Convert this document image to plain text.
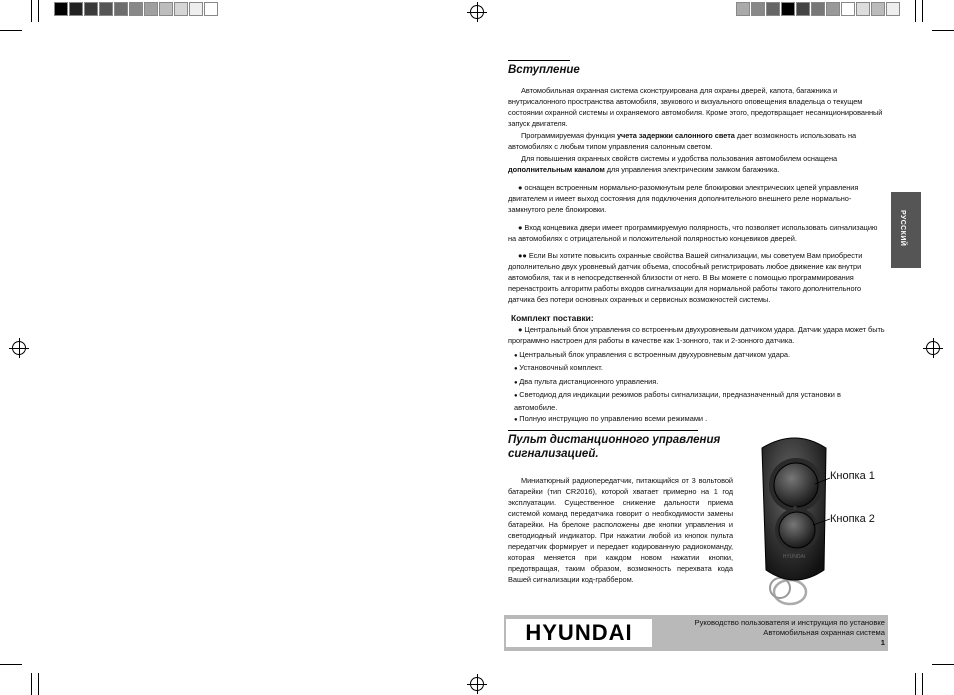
РУССКИЙ
Вступление

Автомобильная охранная система сконструирована для охраны дверей, капота, багажника и внутрисалонного пространства автомобиля, звукового и визуального оповещения владельца о текущем состоянии охранной системы и охраняемого автомобиля. Кроме этого, предотвращает несанкционированный запуск двигателя.

Программируемая функция учета задержки салонного света дает возможность использовать на автомобилях с любым типом управления салонным светом.

Для повышения охранных свойств системы и удобства пользования автомобилем оснащена дополнительным каналом для управления электрическим замком багажника.

● оснащен встроенным нормально-разомкнутым реле блокировки электрических цепей управления двигателем и имеет выход состояния для подключения дополнительного внешнего реле нормально-замкнутого реле блокировки.

● Вход концевика двери имеет программируемую полярность, что позволяет использовать сигнализацию на автомобилях с отрицательной и положительной полярностью концевиков дверей.

●● Если Вы хотите повысить охранные свойства Вашей сигнализации, мы советуем Вам приобрести дополнительно двух уровневый датчик объема, способный регистрировать любое движение как внутри автомобиля, так и в непосредственной близости от него. В Вы можете с помощью программирования перенастроить алгоритм работы входов сигнализации для нормальной работы такого дополнительного датчика без потери основных охранных и сервисных возможностей системы.

Комплект поставки:

● Центральный блок управления со встроенным двухуровневым датчиком удара. Датчик удара может быть программно настроен для работы в качестве как 1-зонного, так и 2-зонного датчика.

● Центральный блок управления с встроенным двухуровневым датчиком удара.
● Установочный комплект.
● Два пульта дистанционного управления.
● Светодиод для индикации режимов работы сигнализации, предназначенный для установки в автомобиле.
● Полную инструкцию по управлению всеми режимами .
Пульт дистанционного управления
сигнализацией.

Миниатюрный радиопередатчик, питающийся от 3 вольтовой батарейки (тип CR2016), которой хватает примерно на 1 год эксплуатации. Существенное снижение дальности приема системой команд передатчика говорит о необходимости замены батарейки. На брелоке расположены две кнопки управления и светодиодный индикатор. При нажатии любой из кнопок пульта передатчик формирует и передает кодированную радиокоманду, которая меняется при каждом новом нажатии кнопки, предотвращая, таким образом, возможность перехвата кода Вашей сигнализации код-граббером.

HYUNDAI
Кнопка 1
Кнопка 2
HYUNDAI	Руководство пользователя и инструкция по установке
Автомобильная охранная система
1
